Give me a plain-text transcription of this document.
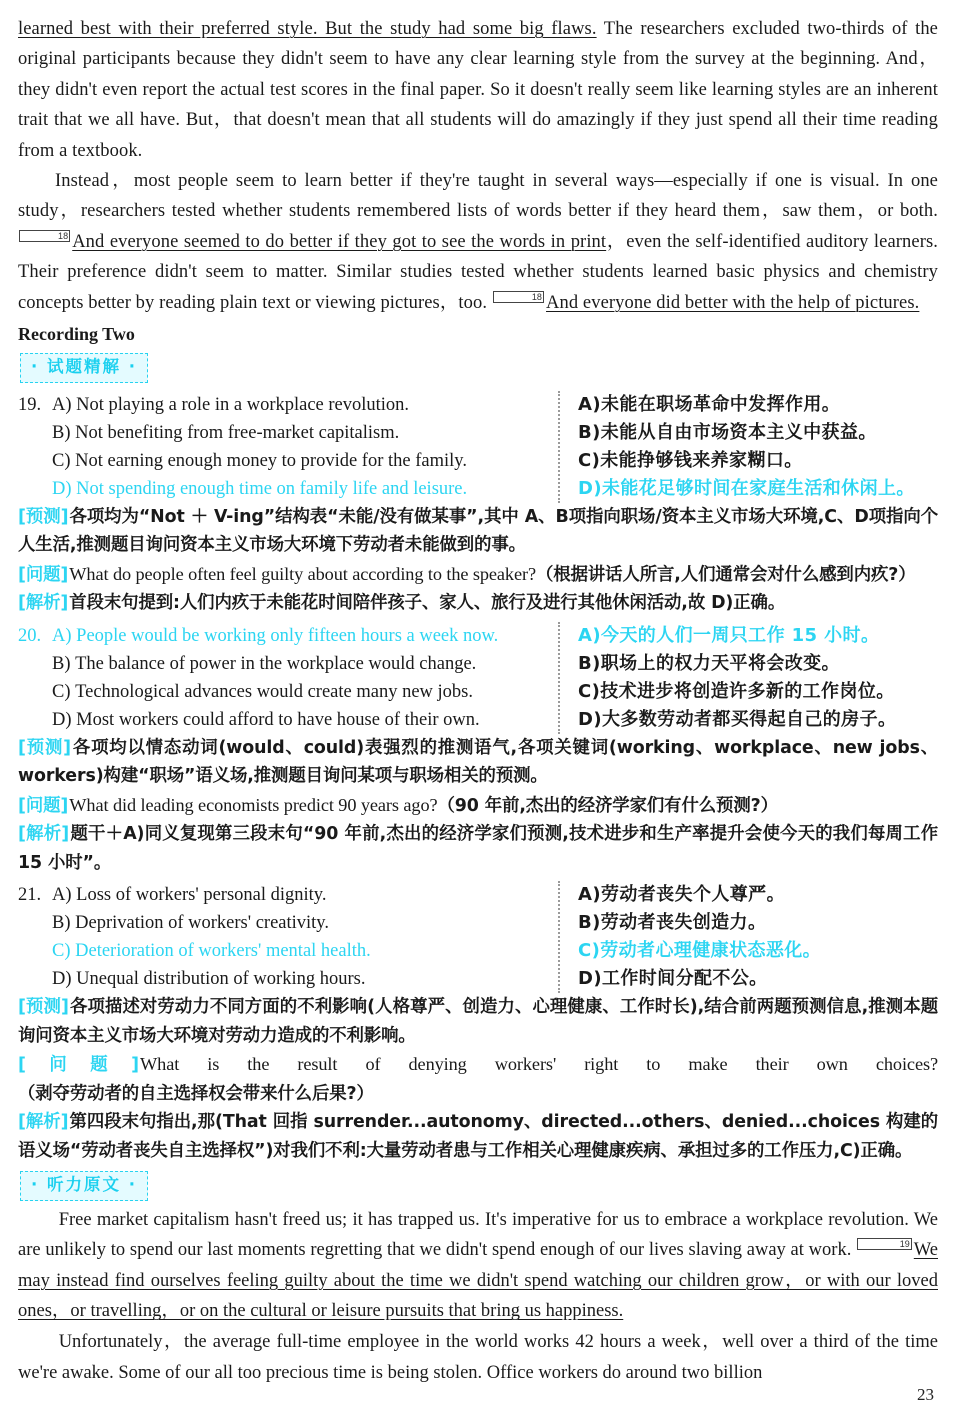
learned best with their preferred style. But the study had some big flaws. The researchers excluded two-thirds of the original participants because they didn't seem to have any clear learning style from the survey at the beginning. And，they didn't even report the actual test scores in the final paper. So it doesn't really seem like learning styles are an inherent trait that we all have. But，that doesn't mean that all students will do amazingly if they just spend all their time reading from a textbook.

Instead，most people seem to learn better if they're taught in several ways—especially if one is visual. In one study，researchers tested whether students remembered lists of words better if they heard them，saw them，or both. 18 And everyone seemed to do better if they got to see the words in print，even the self-identified auditory learners. Their preference didn't seem to matter. Similar studies tested whether students learned basic physics and chemistry concepts better by reading plain text or viewing pictures，too.	18 And everyone did better with the help of pictures.

Recording Two
· 试题精解 ·
19. A) Not playing a role in a workplace revolution.
B) Not benefiting from free-market capitalism.
C) Not earning enough money to provide for the family.
D) Not spending enough time on family life and leisure.
A)未能在职场革命中发挥作用。
B)未能从自由市场资本主义中获益。
C)未能挣够钱来养家糊口。
D)未能花足够时间在家庭生活和休闲上。

[预测]各项均为“Not ＋ V-ing”结构表“未能/没有做某事”,其中 A、B项指向职场/资本主义市场大环境,C、D项指向个人生活,推测题目询问资本主义市场大环境下劳动者未能做到的事。

[问题]What do people often feel guilty about according to the speaker?（根据讲话人所言,人们通常会对什么感到内疚?）

[解析]首段末句提到:人们内疚于未能花时间陪伴孩子、家人、旅行及进行其他休闲活动,故 D)正确。

20. A) People would be working only fifteen hours a week now.
B) The balance of power in the workplace would change.
C) Technological advances would create many new jobs.
D) Most workers could afford to have house of their own.
A)今天的人们一周只工作 15 小时。
B)职场上的权力天平将会改变。
C)技术进步将创造许多新的工作岗位。
D)大多数劳动者都买得起自己的房子。

[预测]各项均以情态动词(would、could)表强烈的推测语气,各项关键词(working、workplace、new jobs、workers)构建“职场”语义场,推测题目询问某项与职场相关的预测。

[问题]What did leading economists predict 90 years ago?（90 年前,杰出的经济学家们有什么预测?）

[解析]题干＋A)同义复现第三段末句“90 年前,杰出的经济学家们预测,技术进步和生产率提升会使今天的我们每周工作 15 小时”。

21. A) Loss of workers' personal dignity.
B) Deprivation of workers' creativity.
C) Deterioration of workers' mental health.
D) Unequal distribution of working hours.
A)劳动者丧失个人尊严。
B)劳动者丧失创造力。
C)劳动者心理健康状态恶化。
D)工作时间分配不公。

[预测]各项描述对劳动力不同方面的不利影响(人格尊严、创造力、心理健康、工作时长),结合前两题预测信息,推测本题询问资本主义市场大环境对劳动力造成的不利影响。

[问题]What is the result of denying workers' right to make their own choices?（剥夺劳动者的自主选择权会带来什么后果?）

[解析]第四段末句指出,那(That 回指 surrender...autonomy、directed...others、denied...choices 构建的语义场“劳动者丧失自主选择权”)对我们不利:大量劳动者患与工作相关心理健康疾病、承担过多的工作压力,C)正确。

· 听力原文 ·

Free market capitalism hasn't freed us; it has trapped us. It's imperative for us to embrace a workplace revolution. We are unlikely to spend our last moments regretting that we didn't spend enough of our lives slaving away at work.	19 We may instead find ourselves feeling guilty about the time we didn't spend watching our children grow，or with our loved ones，or travelling，or on the cultural or leisure pursuits that bring us happiness.

Unfortunately，the average full-time employee in the world works 42 hours a week，well over a third of the time we're awake. Some of our all too precious time is being stolen. Office workers do around two billion

23
